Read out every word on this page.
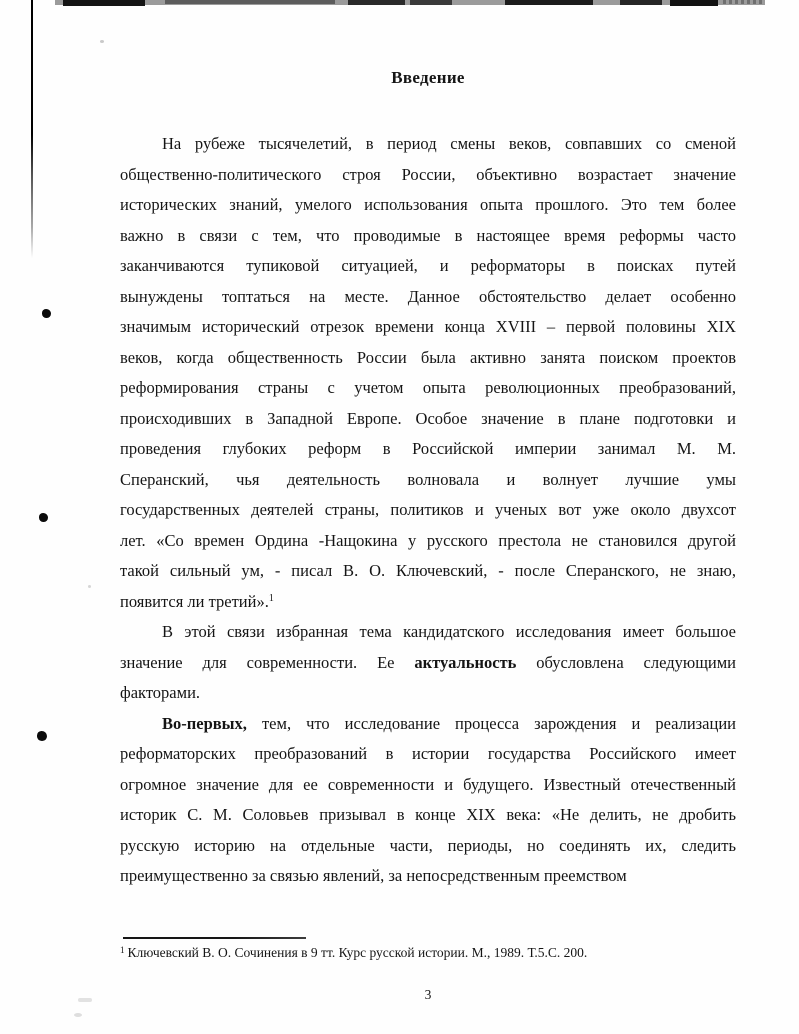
Введение
На рубеже тысячелетий, в период смены веков, совпавших со сменой
общественно-политического строя России, объективно возрастает значение
исторических знаний, умелого использования опыта прошлого. Это тем более
важно в связи с тем, что проводимые в настоящее время реформы часто
заканчиваются тупиковой ситуацией, и реформаторы в поисках путей
вынуждены топтаться на месте. Данное обстоятельство делает особенно
значимым исторический отрезок времени конца XVIII – первой половины XIX
веков, когда общественность России была активно занята поиском проектов
реформирования страны с учетом опыта революционных преобразований,
происходивших в Западной Европе. Особое значение в плане подготовки и
проведения глубоких реформ в Российской империи занимал М. М.
Сперанский, чья деятельность волновала и волнует лучшие умы
государственных деятелей страны, политиков и ученых вот уже около двухсот
лет. «Со времен Ордина -Нащокина у русского престола не становился другой
такой сильный ум, - писал В. О. Ключевский, - после Сперанского, не знаю,
появится ли третий».$^1$
В этой связи избранная тема кандидатского исследования имеет большое
значение для современности. Ее актуальность обусловлена следующими
факторами.
Во-первых, тем, что исследование процесса зарождения и реализации
реформаторских преобразований в истории государства Российского имеет
огромное значение для ее современности и будущего. Известный отечественный
историк С. М. Соловьев призывал в конце XIX века: «Не делить, не дробить
русскую историю на отдельные части, периоды, но соединять их, следить
преимущественно за связью явлений, за непосредственным преемством
$^1$ Ключевский В. О. Сочинения в 9 тт. Курс русской истории. М., 1989. Т.5.С. 200.
3
